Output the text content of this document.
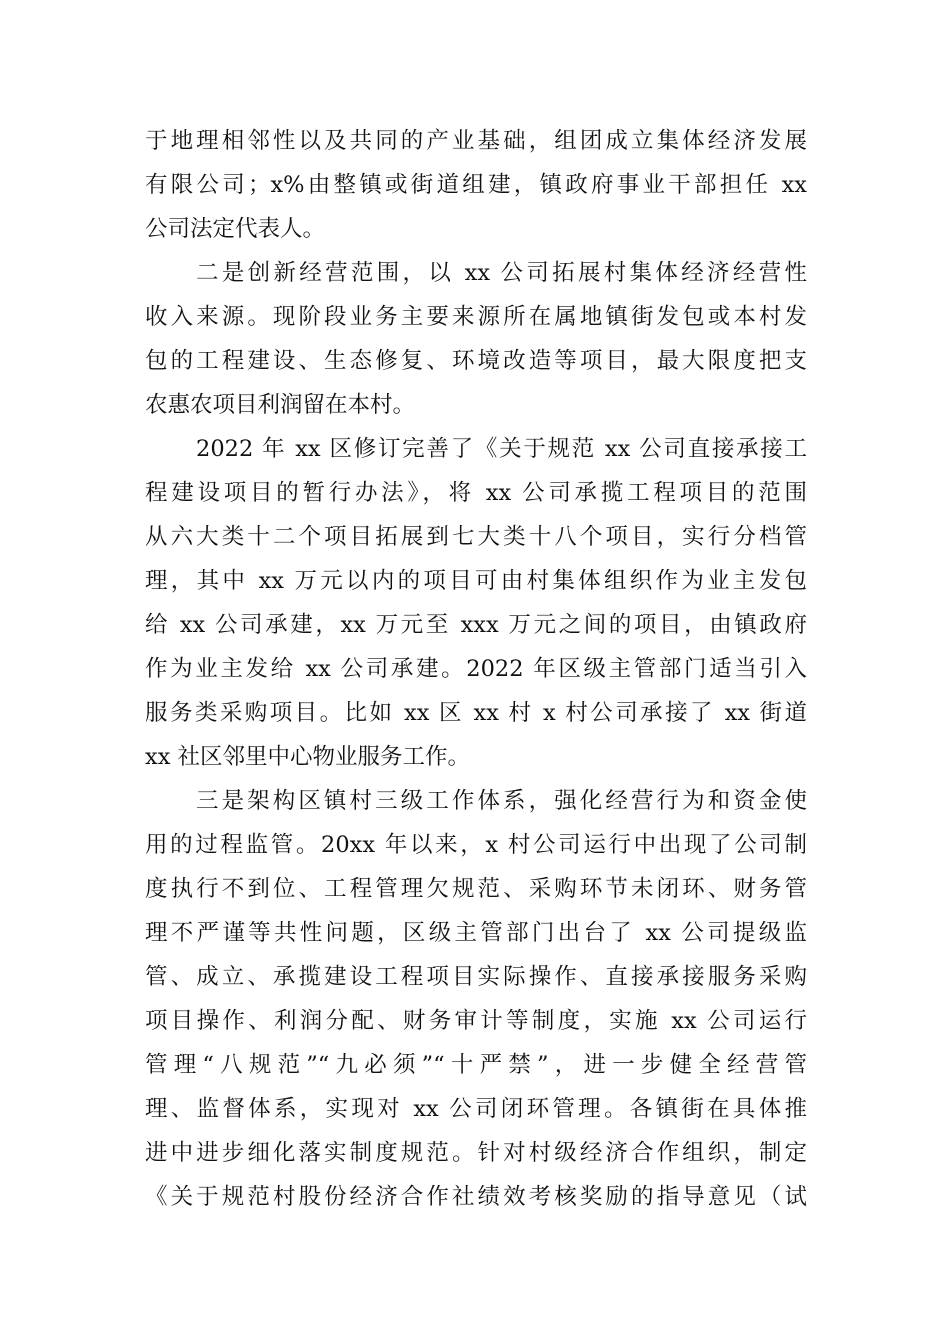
于地理相邻性以及共同的产业基础，组团成立集体经济发展
有限公司；x%由整镇或街道组建，镇政府事业干部担任 xx
公司法定代表人。
二是创新经营范围，以 xx 公司拓展村集体经济经营性
收入来源。现阶段业务主要来源所在属地镇街发包或本村发
包的工程建设、生态修复、环境改造等项目，最大限度把支
农惠农项目利润留在本村。
2022 年 xx 区修订完善了《关于规范 xx 公司直接承接工
程建设项目的暂行办法》，将 xx 公司承揽工程项目的范围
从六大类十二个项目拓展到七大类十八个项目，实行分档管
理，其中 xx 万元以内的项目可由村集体组织作为业主发包
给 xx 公司承建，xx 万元至 xxx 万元之间的项目，由镇政府
作为业主发给 xx 公司承建。2022 年区级主管部门适当引入
服务类采购项目。比如 xx 区 xx 村 x 村公司承接了 xx 街道
xx 社区邻里中心物业服务工作。
三是架构区镇村三级工作体系，强化经营行为和资金使
用的过程监管。20xx 年以来，x 村公司运行中出现了公司制
度执行不到位、工程管理欠规范、采购环节未闭环、财务管
理不严谨等共性问题，区级主管部门出台了 xx 公司提级监
管、成立、承揽建设工程项目实际操作、直接承接服务采购
项目操作、利润分配、财务审计等制度，实施 xx 公司运行
管理“八规范”“九必须”“十严禁”，进一步健全经营管
理、监督体系，实现对 xx 公司闭环管理。各镇街在具体推
进中进步细化落实制度规范。针对村级经济合作组织，制定
《关于规范村股份经济合作社绩效考核奖励的指导意见（试
